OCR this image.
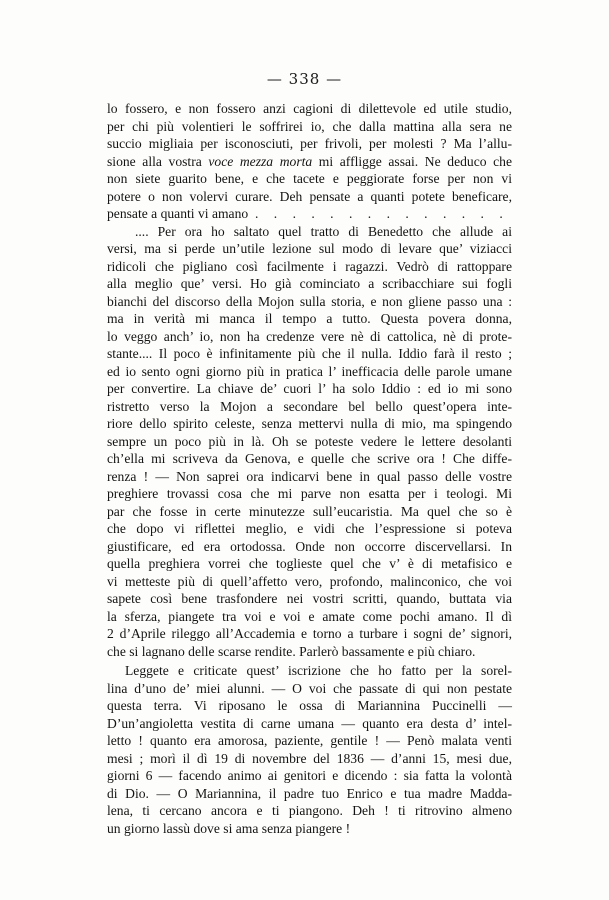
— 338 —
lo fossero, e non fossero anzi cagioni di dilettevole ed utile studio,
per chi più volentieri le soffrirei io, che dalla mattina alla sera ne
succio migliaia per isconosciuti, per frivoli, per molesti ? Ma l’allu-
sione alla vostra voce mezza morta mi affligge assai. Ne deduco che
non siete guarito bene, e che tacete e peggiorate forse per non vi
potere o non volervi curare. Deh pensate a quanti potete beneficare,
pensate a quanti vi amano . . . . . . . . . . . . . .
.... Per ora ho saltato quel tratto di Benedetto che allude ai
versi, ma si perde un’utile lezione sul modo di levare que’ viziacci
ridicoli che pigliano così facilmente i ragazzi. Vedrò di rattoppare
alla meglio que’ versi. Ho già cominciato a scribacchiare sui fogli
bianchi del discorso della Mojon sulla storia, e non gliene passo una :
ma in verità mi manca il tempo a tutto. Questa povera donna,
lo veggo anch’ io, non ha credenze vere nè di cattolica, nè di prote-
stante.... Il poco è infinitamente più che il nulla. Iddio farà il resto ;
ed io sento ogni giorno più in pratica l’ inefficacia delle parole umane
per convertire. La chiave de’ cuori l’ ha solo Iddio : ed io mi sono
ristretto verso la Mojon a secondare bel bello quest’opera inte-
riore dello spirito celeste, senza mettervi nulla di mio, ma spingendo
sempre un poco più in là. Oh se poteste vedere le lettere desolanti
ch’ella mi scriveva da Genova, e quelle che scrive ora ! Che diffe-
renza ! — Non saprei ora indicarvi bene in qual passo delle vostre
preghiere trovassi cosa che mi parve non esatta per i teologi. Mi
par che fosse in certe minutezze sull’eucaristia. Ma quel che so è
che dopo vi riflettei meglio, e vidi che l’espressione si poteva
giustificare, ed era ortodossa. Onde non occorre discervellarsi. In
quella preghiera vorrei che toglieste quel che v’ è di metafisico e
vi metteste più di quell’affetto vero, profondo, malinconico, che voi
sapete così bene trasfondere nei vostri scritti, quando, buttata via
la sferza, piangete tra voi e voi e amate come pochi amano. Il dì
2 d’Aprile rileggo all’Accademia e torno a turbare i sogni de’ signori,
che si lagnano delle scarse rendite. Parlerò bassamente e più chiaro.
Leggete e criticate quest’ iscrizione che ho fatto per la sorel-
lina d’uno de’ miei alunni. — O voi che passate di qui non pestate
questa terra. Vi riposano le ossa di Mariannina Puccinelli —
D’un’angioletta vestita di carne umana — quanto era desta d’ intel-
letto ! quanto era amorosa, paziente, gentile ! — Penò malata venti
mesi ; morì il dì 19 di novembre del 1836 — d’anni 15, mesi due,
giorni 6 — facendo animo ai genitori e dicendo : sia fatta la volontà
di Dio. — O Mariannina, il padre tuo Enrico e tua madre Madda-
lena, ti cercano ancora e ti piangono. Deh ! ti ritrovino almeno
un giorno lassù dove si ama senza piangere !
